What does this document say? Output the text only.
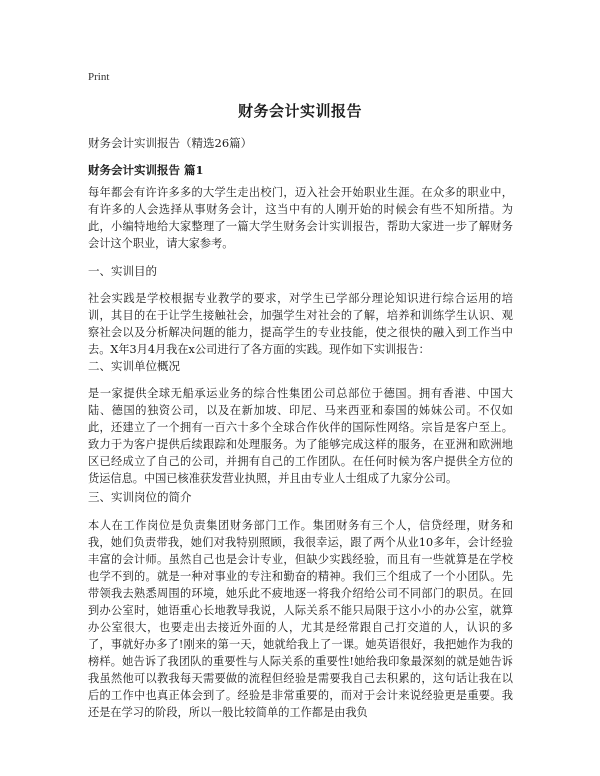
Print
财务会计实训报告
财务会计实训报告（精选26篇）
财务会计实训报告 篇1

每年都会有许许多多的大学生走出校门，迈入社会开始职业生涯。在众多的职业中，有许多的人会选择从事财务会计，这当中有的人刚开始的时候会有些不知所措。为此，小编特地给大家整理了一篇大学生财务会计实训报告，帮助大家进一步了解财务会计这个职业，请大家参考。

一、实训目的

社会实践是学校根据专业教学的要求，对学生已学部分理论知识进行综合运用的培训，其目的在于让学生接触社会，加强学生对社会的了解，培养和训练学生认识、观察社会以及分析解决问题的能力，提高学生的专业技能，使之很快的融入到工作当中去。X年3月4月我在x公司进行了各方面的实践。现作如下实训报告：

二、实训单位概况

是一家提供全球无船承运业务的综合性集团公司总部位于德国。拥有香港、中国大陆、德国的独资公司，以及在新加坡、印尼、马来西亚和泰国的姊妹公司。不仅如此，还建立了一个拥有一百六十多个全球合作伙伴的国际性网络。宗旨是客户至上。致力于为客户提供后续跟踪和处理服务。为了能够完成这样的服务，在亚洲和欧洲地区已经成立了自己的公司，并拥有自己的工作团队。在任何时候为客户提供全方位的货运信息。中国已核准获发营业执照，并且由专业人士组成了九家分公司。

三、实训岗位的简介

本人在工作岗位是负责集团财务部门工作。集团财务有三个人，信贷经理，财务和我，她们负责带我，她们对我特别照顾，我很幸运，跟了两个从业10多年，会计经验丰富的会计师。虽然自己也是会计专业，但缺少实践经验，而且有一些就算是在学校也学不到的。就是一种对事业的专注和勤奋的精神。我们三个组成了一个小团队。先带领我去熟悉周围的环境，她乐此不疲地逐一将我介绍给公司不同部门的职员。在回到办公室时，她语重心长地教导我说，人际关系不能只局限于这小小的办公室，就算办公室很大，也要走出去接近外面的人，尤其是经常跟自己打交道的人，认识的多了，事就好办多了!刚来的第一天，她就给我上了一课。她英语很好，我把她作为我的榜样。她告诉了我团队的重要性与人际关系的重要性!她给我印象最深刻的就是她告诉我虽然他可以教我每天需要做的流程但经验是需要我自己去积累的，这句话让我在以后的工作中也真正体会到了。经验是非常重要的，而对于会计来说经验更是重要。我还是在学习的阶段，所以一般比较简单的工作都是由我负
